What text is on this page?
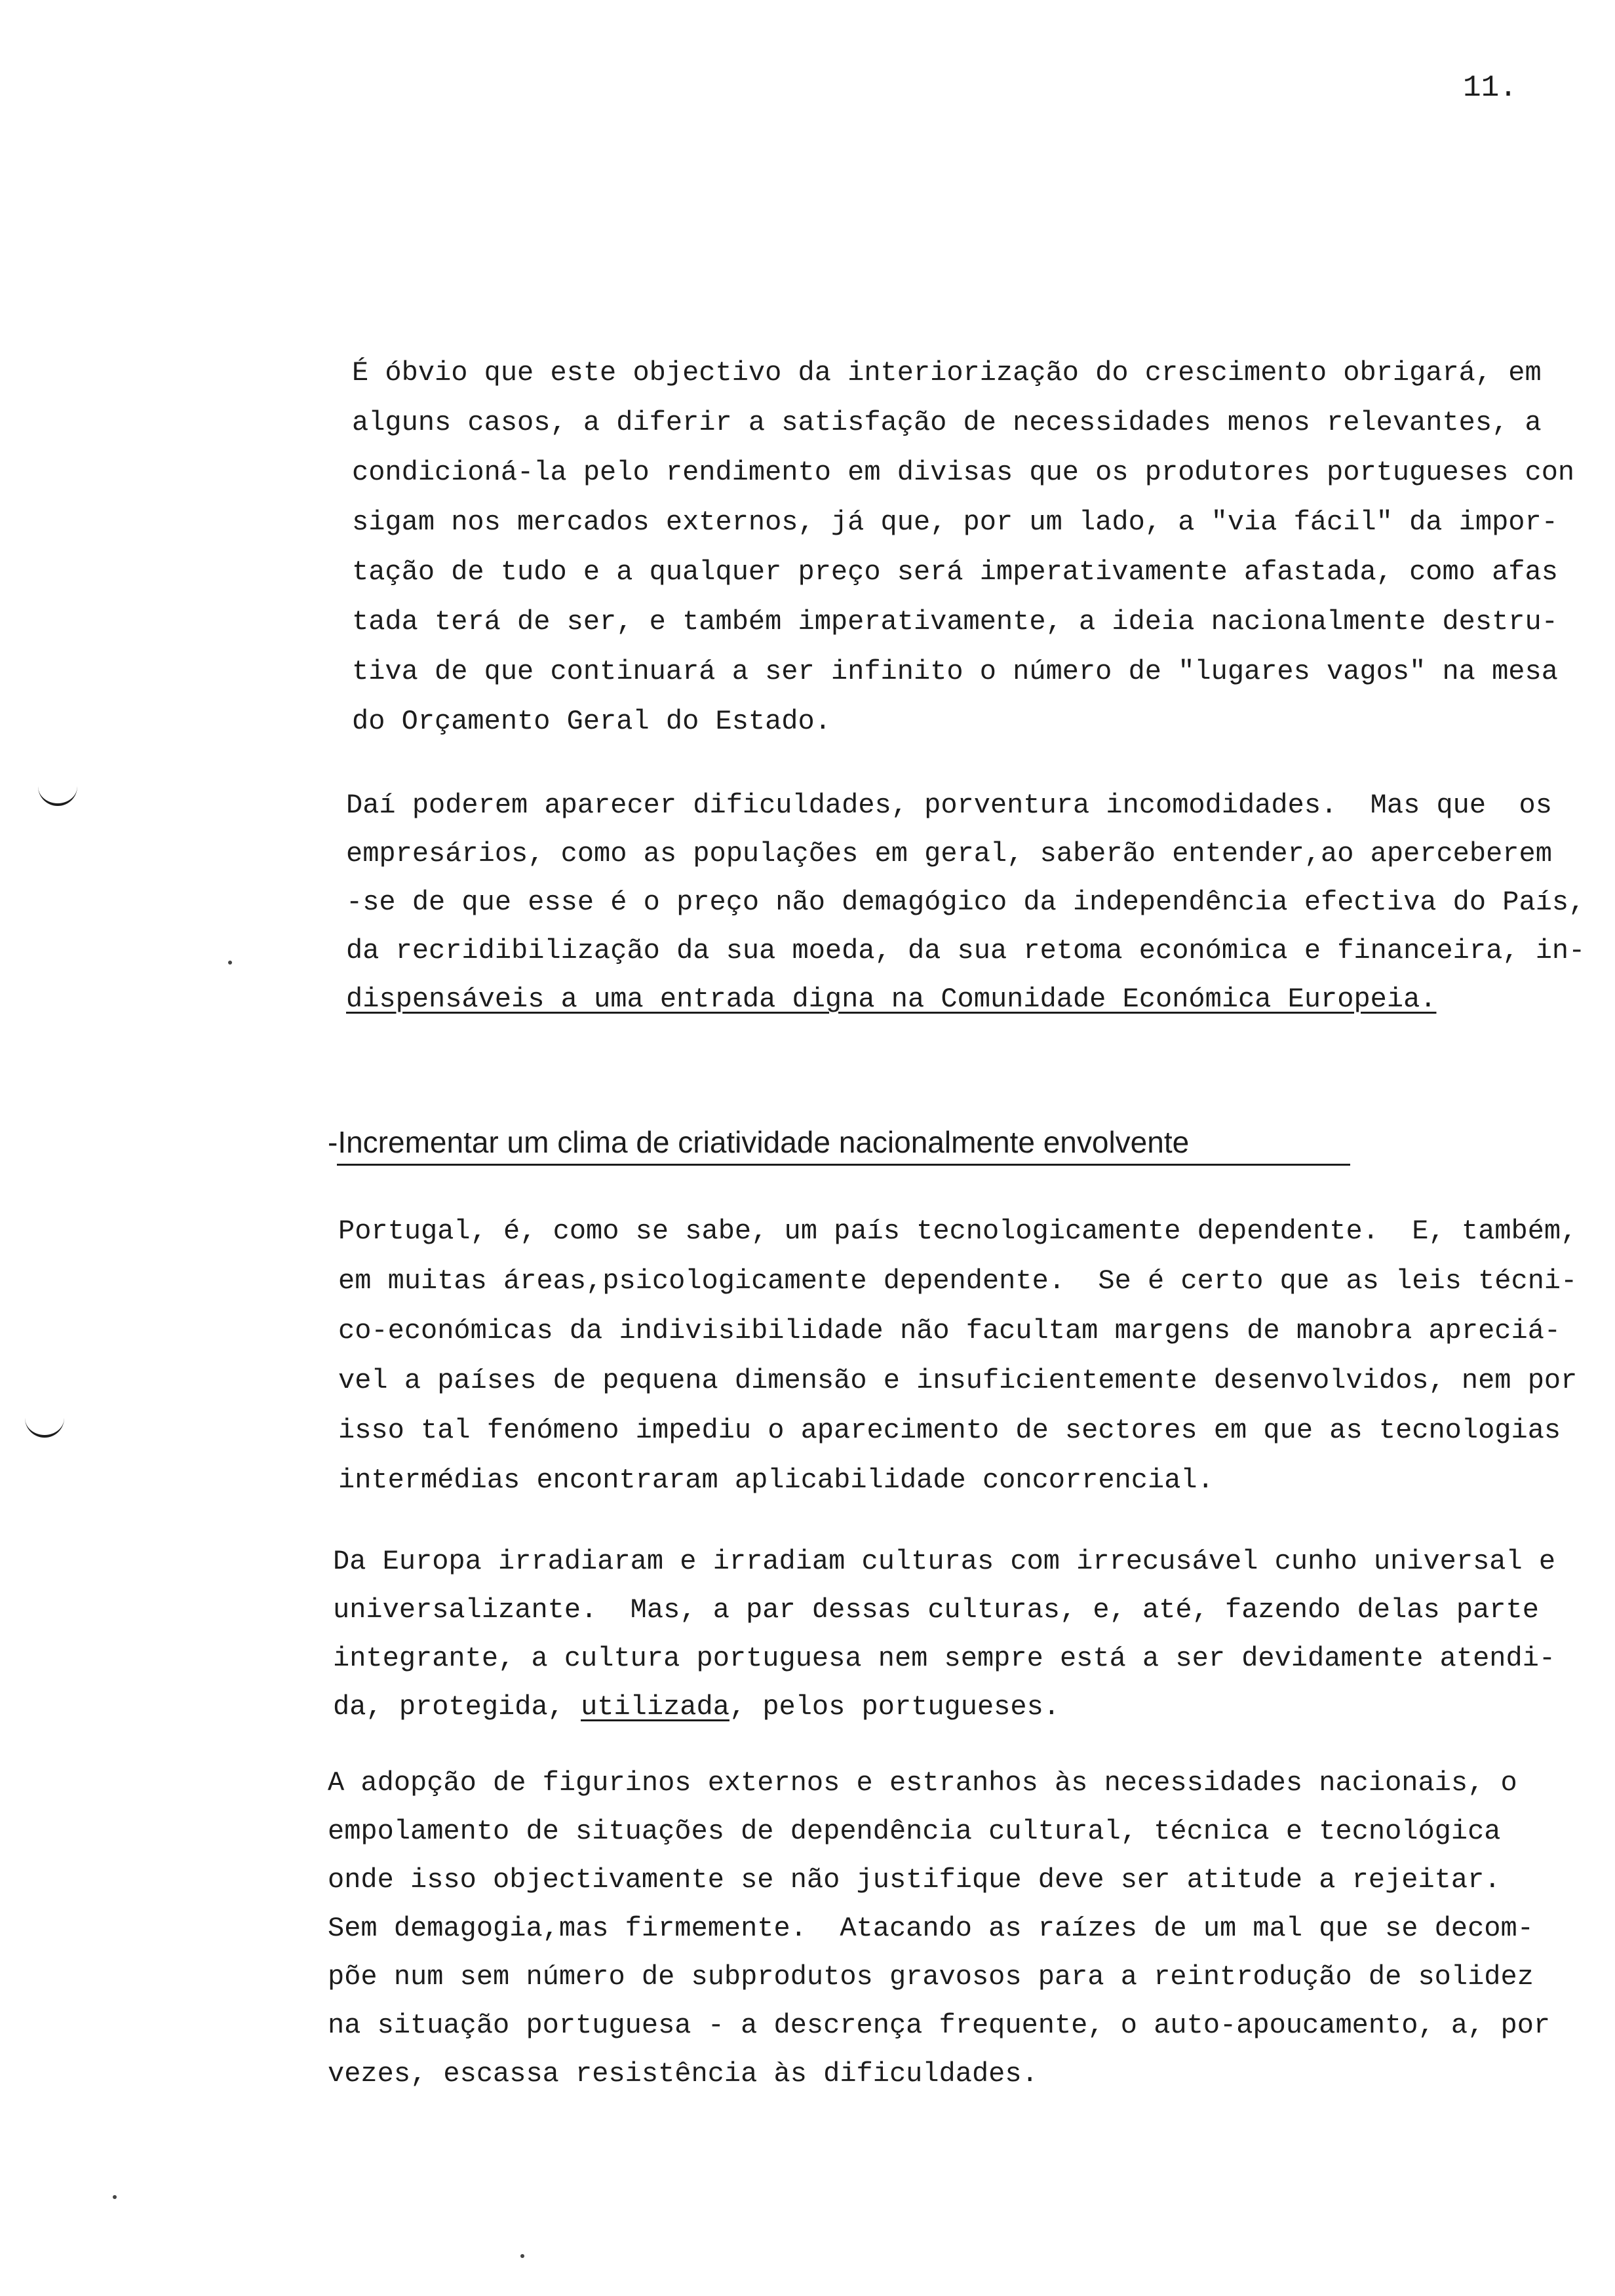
11.
É óbvio que este objectivo da interiorização do crescimento obrigará, em
alguns casos, a diferir a satisfação de necessidades menos relevantes, a
condicioná-la pelo rendimento em divisas que os produtores portugueses con
sigam nos mercados externos, já que, por um lado, a "via fácil" da impor-
tação de tudo e a qualquer preço será imperativamente afastada, como afas
tada terá de ser, e também imperativamente, a ideia nacionalmente destru-
tiva de que continuará a ser infinito o número de "lugares vagos" na mesa
do Orçamento Geral do Estado.
Daí poderem aparecer dificuldades, porventura incomodidades.  Mas que  os
empresários, como as populações em geral, saberão entender,ao aperceberem
-se de que esse é o preço não demagógico da independência efectiva do País,
da recridibilização da sua moeda, da sua retoma económica e financeira, in-
dispensáveis a uma entrada digna na Comunidade Económica Europeia.
-Incrementar um clima de criatividade nacionalmente envolvente
Portugal, é, como se sabe, um país tecnologicamente dependente.  E, também,
em muitas áreas,psicologicamente dependente.  Se é certo que as leis técni-
co-económicas da indivisibilidade não facultam margens de manobra apreciá-
vel a países de pequena dimensão e insuficientemente desenvolvidos, nem por
isso tal fenómeno impediu o aparecimento de sectores em que as tecnologias
intermédias encontraram aplicabilidade concorrencial.
Da Europa irradiaram e irradiam culturas com irrecusável cunho universal e
universalizante.  Mas, a par dessas culturas, e, até, fazendo delas parte
integrante, a cultura portuguesa nem sempre está a ser devidamente atendi-
da, protegida, utilizada, pelos portugueses.
A adopção de figurinos externos e estranhos às necessidades nacionais, o
empolamento de situações de dependência cultural, técnica e tecnológica
onde isso objectivamente se não justifique deve ser atitude a rejeitar.
Sem demagogia,mas firmemente.  Atacando as raízes de um mal que se decom-
põe num sem número de subprodutos gravosos para a reintrodução de solidez
na situação portuguesa - a descrença frequente, o auto-apoucamento, a, por
vezes, escassa resistência às dificuldades.
